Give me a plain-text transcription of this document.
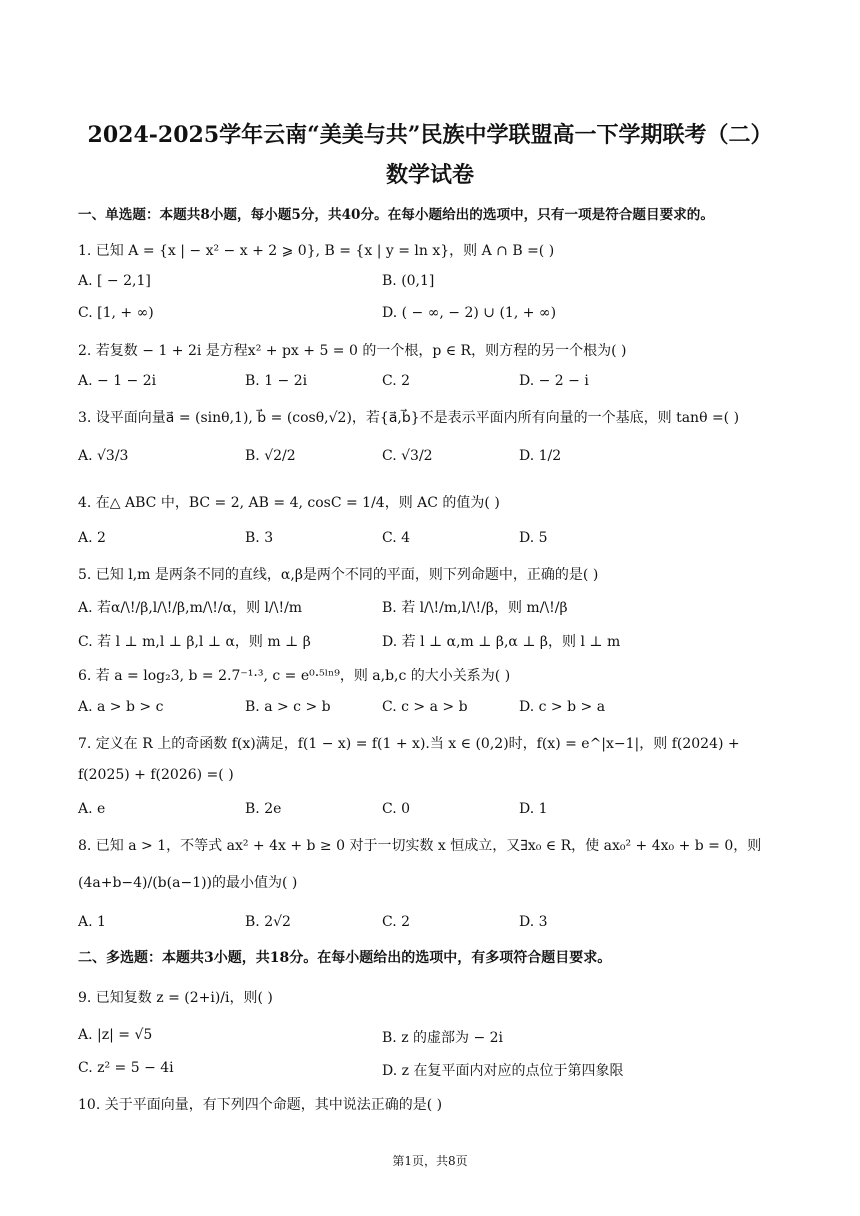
2024-2025学年云南“美美与共”民族中学联盟高一下学期联考（二）
数学试卷
一、单选题：本题共8小题，每小题5分，共40分。在每小题给出的选项中，只有一项是符合题目要求的。
1. 已知 A = {x | − x² − x + 2 ⩾ 0}, B = {x | y = ln x}，则 A ∩ B =( )
A. [ − 2,1]	B. (0,1]
C. [1, + ∞)	D. ( − ∞, − 2) ∪ (1, + ∞)
2. 若复数 − 1 + 2i 是方程x² + px + 5 = 0 的一个根，p ∈ R，则方程的另一个根为( )
A. − 1 − 2i	B. 1 − 2i	C. 2	D. − 2 − i
3. 设平面向量a⃗ = (sinθ,1), b⃗ = (cosθ,√2)，若{a⃗,b⃗}不是表示平面内所有向量的一个基底，则 tanθ =( )
A. √3/3	B. √2/2	C. √3/2	D. 1/2
4. 在△ ABC 中，BC = 2, AB = 4, cosC = 1/4，则 AC 的值为( )
A. 2	B. 3	C. 4	D. 5
5. 已知 l,m 是两条不同的直线，α,β是两个不同的平面，则下列命题中，正确的是( )
A. 若α/\!/β,l/\!/β,m/\!/α，则 l/\!/m	B. 若 l/\!/m,l/\!/β，则 m/\!/β
C. 若 l ⊥ m,l ⊥ β,l ⊥ α，则 m ⊥ β	D. 若 l ⊥ α,m ⊥ β,α ⊥ β，则 l ⊥ m
6. 若 a = log₂3, b = 2.7⁻¹·³, c = e⁰·⁵ˡⁿ⁹，则 a,b,c 的大小关系为( )
A. a > b > c	B. a > c > b	C. c > a > b	D. c > b > a
7. 定义在 R 上的奇函数 f(x)满足，f(1 − x) = f(1 + x).当 x ∈ (0,2)时，f(x) = e^|x−1|，则 f(2024) +
f(2025) + f(2026) =( )
A. e	B. 2e	C. 0	D. 1
8. 已知 a > 1，不等式 ax² + 4x + b ≥ 0 对于一切实数 x 恒成立，又∃x₀ ∈ R，使 ax₀² + 4x₀ + b = 0，则
(4a+b−4)/(b(a−1))的最小值为( )
A. 1	B. 2√2	C. 2	D. 3
二、多选题：本题共3小题，共18分。在每小题给出的选项中，有多项符合题目要求。
9. 已知复数 z = (2+i)/i，则( )
A. |z| = √5	B. z 的虚部为 − 2i
C. z² = 5 − 4i	D. z 在复平面内对应的点位于第四象限
10. 关于平面向量，有下列四个命题，其中说法正确的是( )
第1页，共8页
